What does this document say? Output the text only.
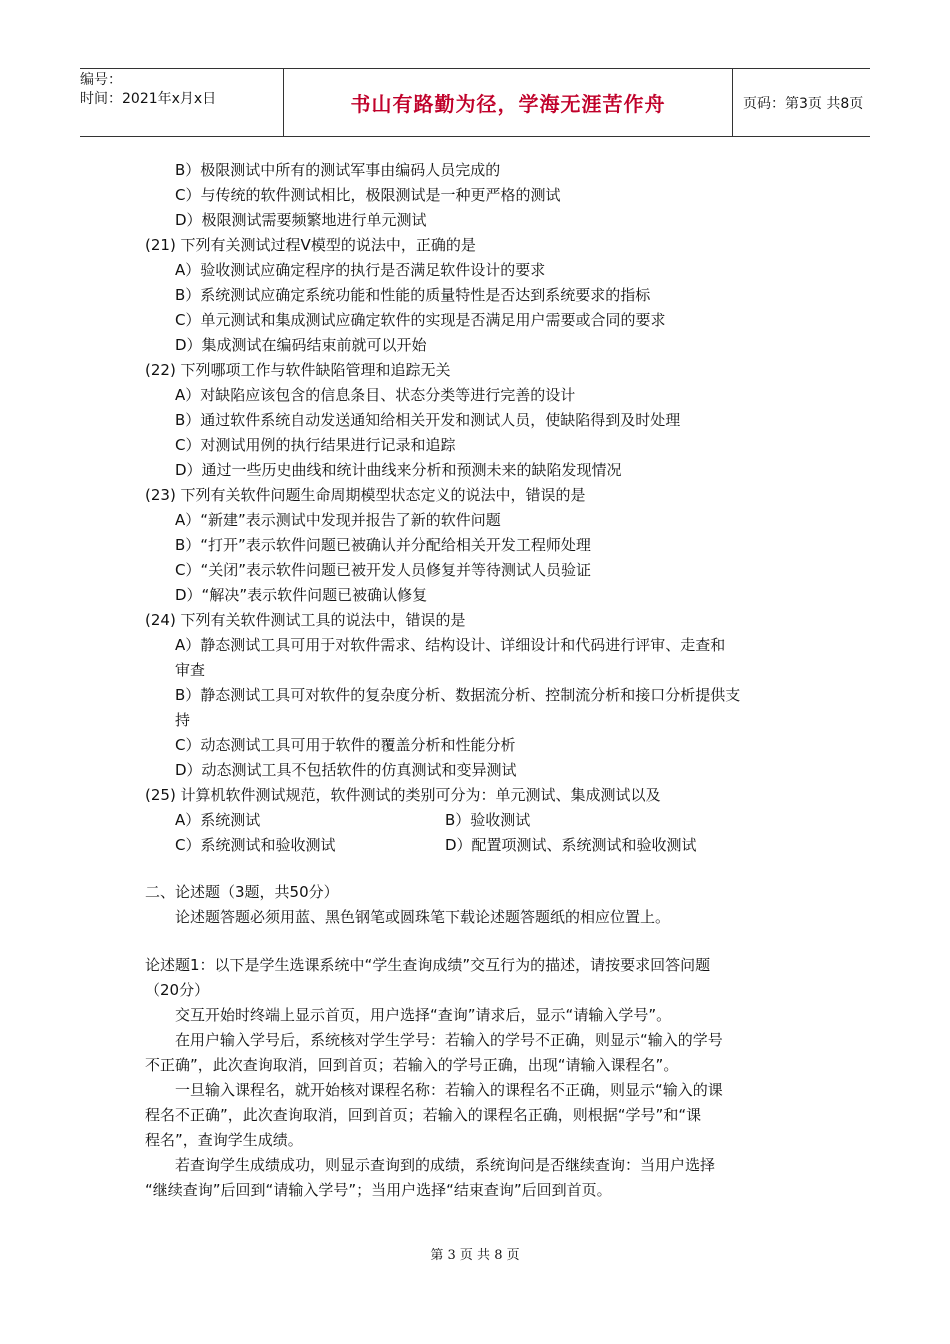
编号：
时间：2021年x月x日	书山有路勤为径，学海无涯苦作舟	页码：第3页 共8页
B）极限测试中所有的测试军事由编码人员完成的
C）与传统的软件测试相比，极限测试是一种更严格的测试
D）极限测试需要频繁地进行单元测试
(21) 下列有关测试过程V模型的说法中，正确的是
A）验收测试应确定程序的执行是否满足软件设计的要求
B）系统测试应确定系统功能和性能的质量特性是否达到系统要求的指标
C）单元测试和集成测试应确定软件的实现是否满足用户需要或合同的要求
D）集成测试在编码结束前就可以开始
(22) 下列哪项工作与软件缺陷管理和追踪无关
A）对缺陷应该包含的信息条目、状态分类等进行完善的设计
B）通过软件系统自动发送通知给相关开发和测试人员，使缺陷得到及时处理
C）对测试用例的执行结果进行记录和追踪
D）通过一些历史曲线和统计曲线来分析和预测未来的缺陷发现情况
(23) 下列有关软件问题生命周期模型状态定义的说法中，错误的是
A）“新建”表示测试中发现并报告了新的软件问题
B）“打开”表示软件问题已被确认并分配给相关开发工程师处理
C）“关闭”表示软件问题已被开发人员修复并等待测试人员验证
D）“解决”表示软件问题已被确认修复
(24) 下列有关软件测试工具的说法中，错误的是
A）静态测试工具可用于对软件需求、结构设计、详细设计和代码进行评审、走查和
审查
B）静态测试工具可对软件的复杂度分析、数据流分析、控制流分析和接口分析提供支
持
C）动态测试工具可用于软件的覆盖分析和性能分析
D）动态测试工具不包括软件的仿真测试和变异测试
(25) 计算机软件测试规范，软件测试的类别可分为：单元测试、集成测试以及
A）系统测试	B）验收测试
C）系统测试和验收测试	D）配置项测试、系统测试和验收测试
二、论述题（3题，共50分）
论述题答题必须用蓝、黑色钢笔或圆珠笔下载论述题答题纸的相应位置上。
论述题1：以下是学生选课系统中“学生查询成绩”交互行为的描述，请按要求回答问题
（20分）
交互开始时终端上显示首页，用户选择“查询”请求后，显示“请输入学号”。
在用户输入学号后，系统核对学生学号：若输入的学号不正确，则显示“输入的学号
不正确”，此次查询取消，回到首页；若输入的学号正确，出现“请输入课程名”。
一旦输入课程名，就开始核对课程名称：若输入的课程名不正确，则显示“输入的课
程名不正确”，此次查询取消，回到首页；若输入的课程名正确，则根据“学号”和“课
程名”，查询学生成绩。
若查询学生成绩成功，则显示查询到的成绩，系统询问是否继续查询：当用户选择
“继续查询”后回到“请输入学号”；当用户选择“结束查询”后回到首页。
第 3 页 共 8 页
